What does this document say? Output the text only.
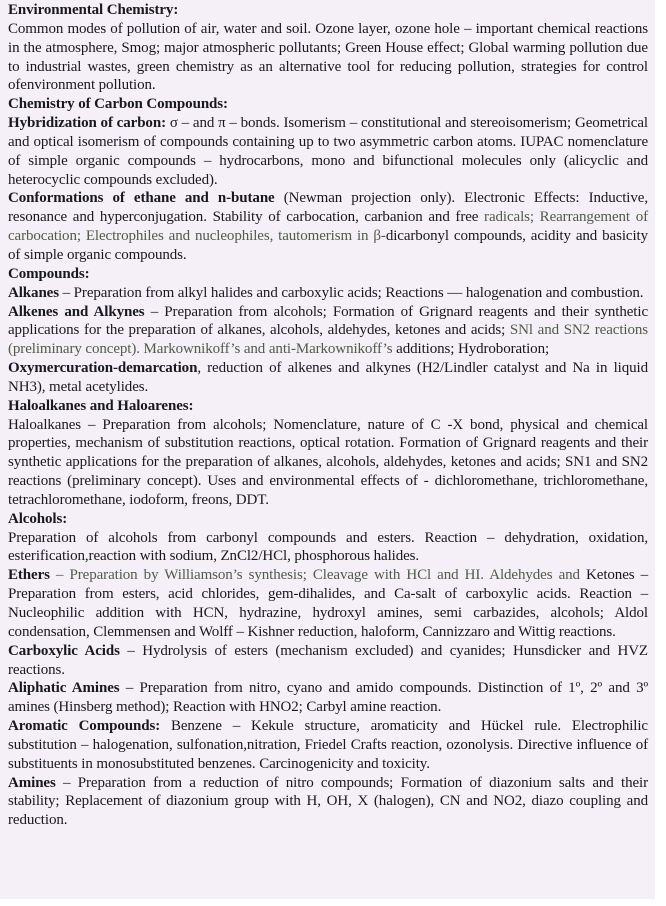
Environmental Chemistry:

Common modes of pollution of air, water and soil. Ozone layer, ozone hole – important chemical reactions in the atmosphere, Smog; major atmospheric pollutants; Green House effect; Global warming pollution due to industrial wastes, green chemistry as an alternative tool for reducing pollution, strategies for control ofenvironment pollution.

Chemistry of Carbon Compounds:

Hybridization of carbon: σ – and π – bonds. Isomerism – constitutional and stereoisomerism; Geometrical and optical isomerism of compounds containing up to two asymmetric carbon atoms. IUPAC nomenclature of simple organic compounds – hydrocarbons, mono and bifunctional molecules only (alicyclic and heterocyclic compounds excluded).

Conformations of ethane and n-butane (Newman projection only). Electronic Effects: Inductive, resonance and hyperconjugation. Stability of carbocation, carbanion and free radicals; Rearrangement of carbocation; Electrophiles and nucleophiles, tautomerism in β-dicarbonyl compounds, acidity and basicity of simple organic compounds.

Compounds:

Alkanes – Preparation from alkyl halides and carboxylic acids; Reactions — halogenation and combustion.

Alkenes and Alkynes – Preparation from alcohols; Formation of Grignard reagents and their synthetic applications for the preparation of alkanes, alcohols, aldehydes, ketones and acids; SNl and SN2 reactions (preliminary concept). Markownikoff’s and anti-Markownikoff’s additions; Hydroboration;

Oxymercuration-demarcation, reduction of alkenes and alkynes (H2/Lindler catalyst and Na in liquid NH3), metal acetylides.

Haloalkanes and Haloarenes:

Haloalkanes – Preparation from alcohols; Nomenclature, nature of C -X bond, physical and chemical properties, mechanism of substitution reactions, optical rotation. Formation of Grignard reagents and their synthetic applications for the preparation of alkanes, alcohols, aldehydes, ketones and acids; SN1 and SN2 reactions (preliminary concept). Uses and environmental effects of - dichloromethane, trichloromethane, tetrachloromethane, iodoform, freons, DDT.

Alcohols:

Preparation of alcohols from carbonyl compounds and esters. Reaction – dehydration, oxidation, esterification,reaction with sodium, ZnCl2/HCl, phosphorous halides.

Ethers – Preparation by Williamson’s synthesis; Cleavage with HCl and HI. Aldehydes and Ketones – Preparation from esters, acid chlorides, gem-dihalides, and Ca-salt of carboxylic acids. Reaction – Nucleophilic addition with HCN, hydrazine, hydroxyl amines, semi carbazides, alcohols; Aldol condensation, Clemmensen and Wolff – Kishner reduction, haloform, Cannizzaro and Wittig reactions.

Carboxylic Acids – Hydrolysis of esters (mechanism excluded) and cyanides; Hunsdicker and HVZ reactions.

Aliphatic Amines – Preparation from nitro, cyano and amido compounds. Distinction of 1º, 2º and 3º amines (Hinsberg method); Reaction with HNO2; Carbyl amine reaction.

Aromatic Compounds: Benzene – Kekule structure, aromaticity and Hückel rule. Electrophilic substitution – halogenation, sulfonation,nitration, Friedel Crafts reaction, ozonolysis. Directive influence of substituents in monosubstituted benzenes. Carcinogenicity and toxicity.

Amines – Preparation from a reduction of nitro compounds; Formation of diazonium salts and their stability; Replacement of diazonium group with H, OH, X (halogen), CN and NO2, diazo coupling and reduction.
